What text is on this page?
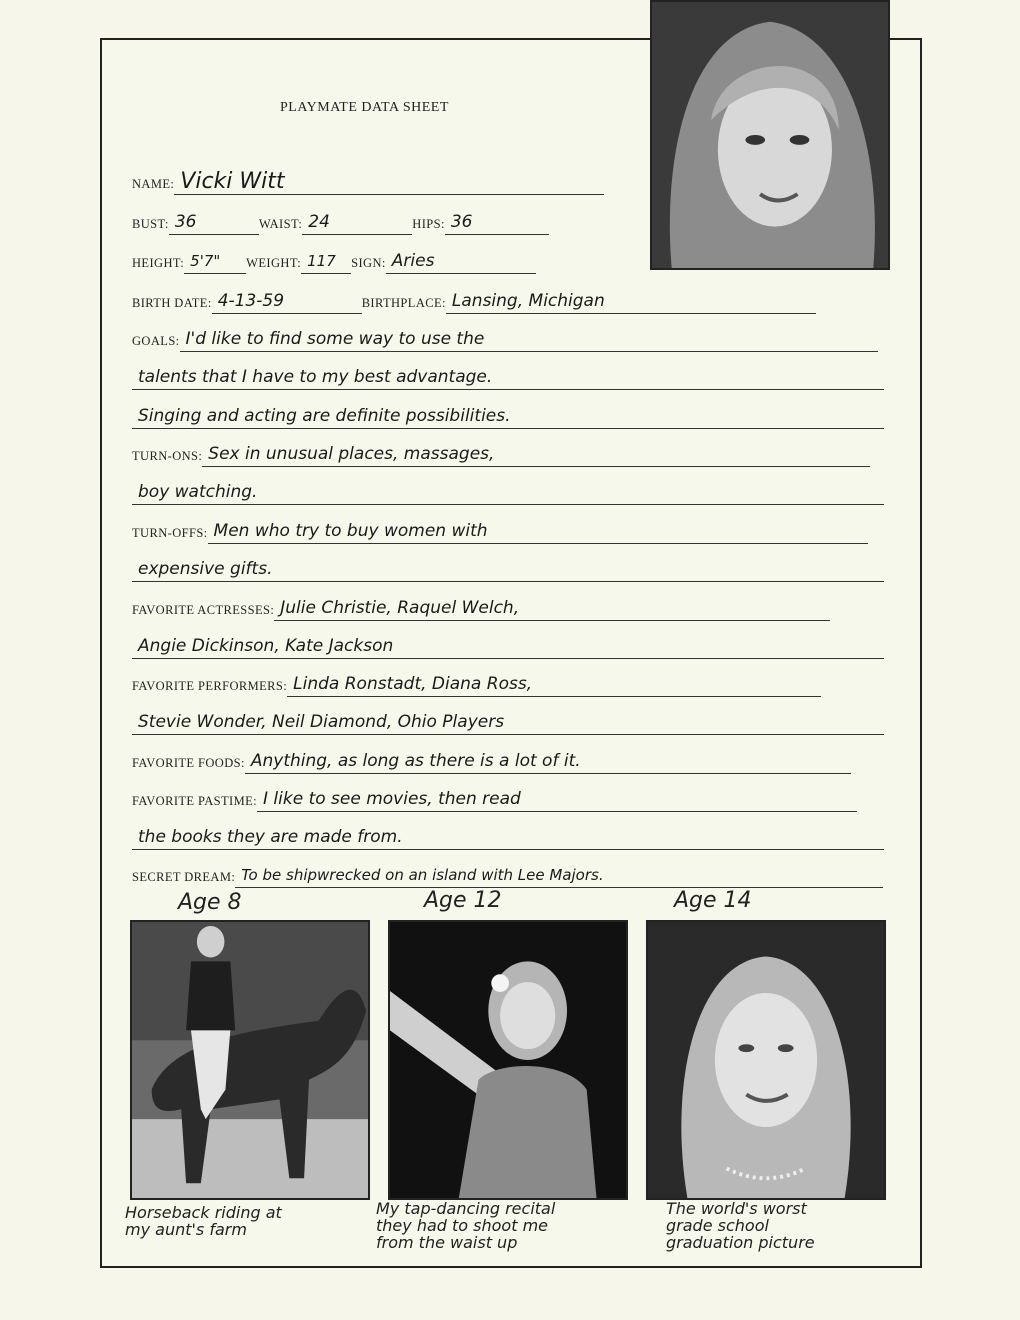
PLAYMATE DATA SHEET
NAME: Vicki Witt
BUST: 36	WAIST: 24	HIPS: 36
HEIGHT: 5'7"	WEIGHT: 117	SIGN: Aries
BIRTH DATE: 4-13-59	BIRTHPLACE: Lansing, Michigan
GOALS: I'd like to find some way to use the
talents that I have to my best advantage.
Singing and acting are definite possibilities.
TURN-ONS: Sex in unusual places, massages,
boy watching.
TURN-OFFS: Men who try to buy women with
expensive gifts.
FAVORITE ACTRESSES: Julie Christie, Raquel Welch,
Angie Dickinson, Kate Jackson
FAVORITE PERFORMERS: Linda Ronstadt, Diana Ross,
Stevie Wonder, Neil Diamond, Ohio Players
FAVORITE FOODS: Anything, as long as there is a lot of it.
FAVORITE PASTIME: I like to see movies, then read
the books they are made from.
SECRET DREAM: To be shipwrecked on an island with Lee Majors.
Age 8	Age 12	Age 14
Horseback riding at
my aunt's farm
My tap-dancing recital
they had to shoot me
from the waist up
The world's worst
grade school
graduation picture
